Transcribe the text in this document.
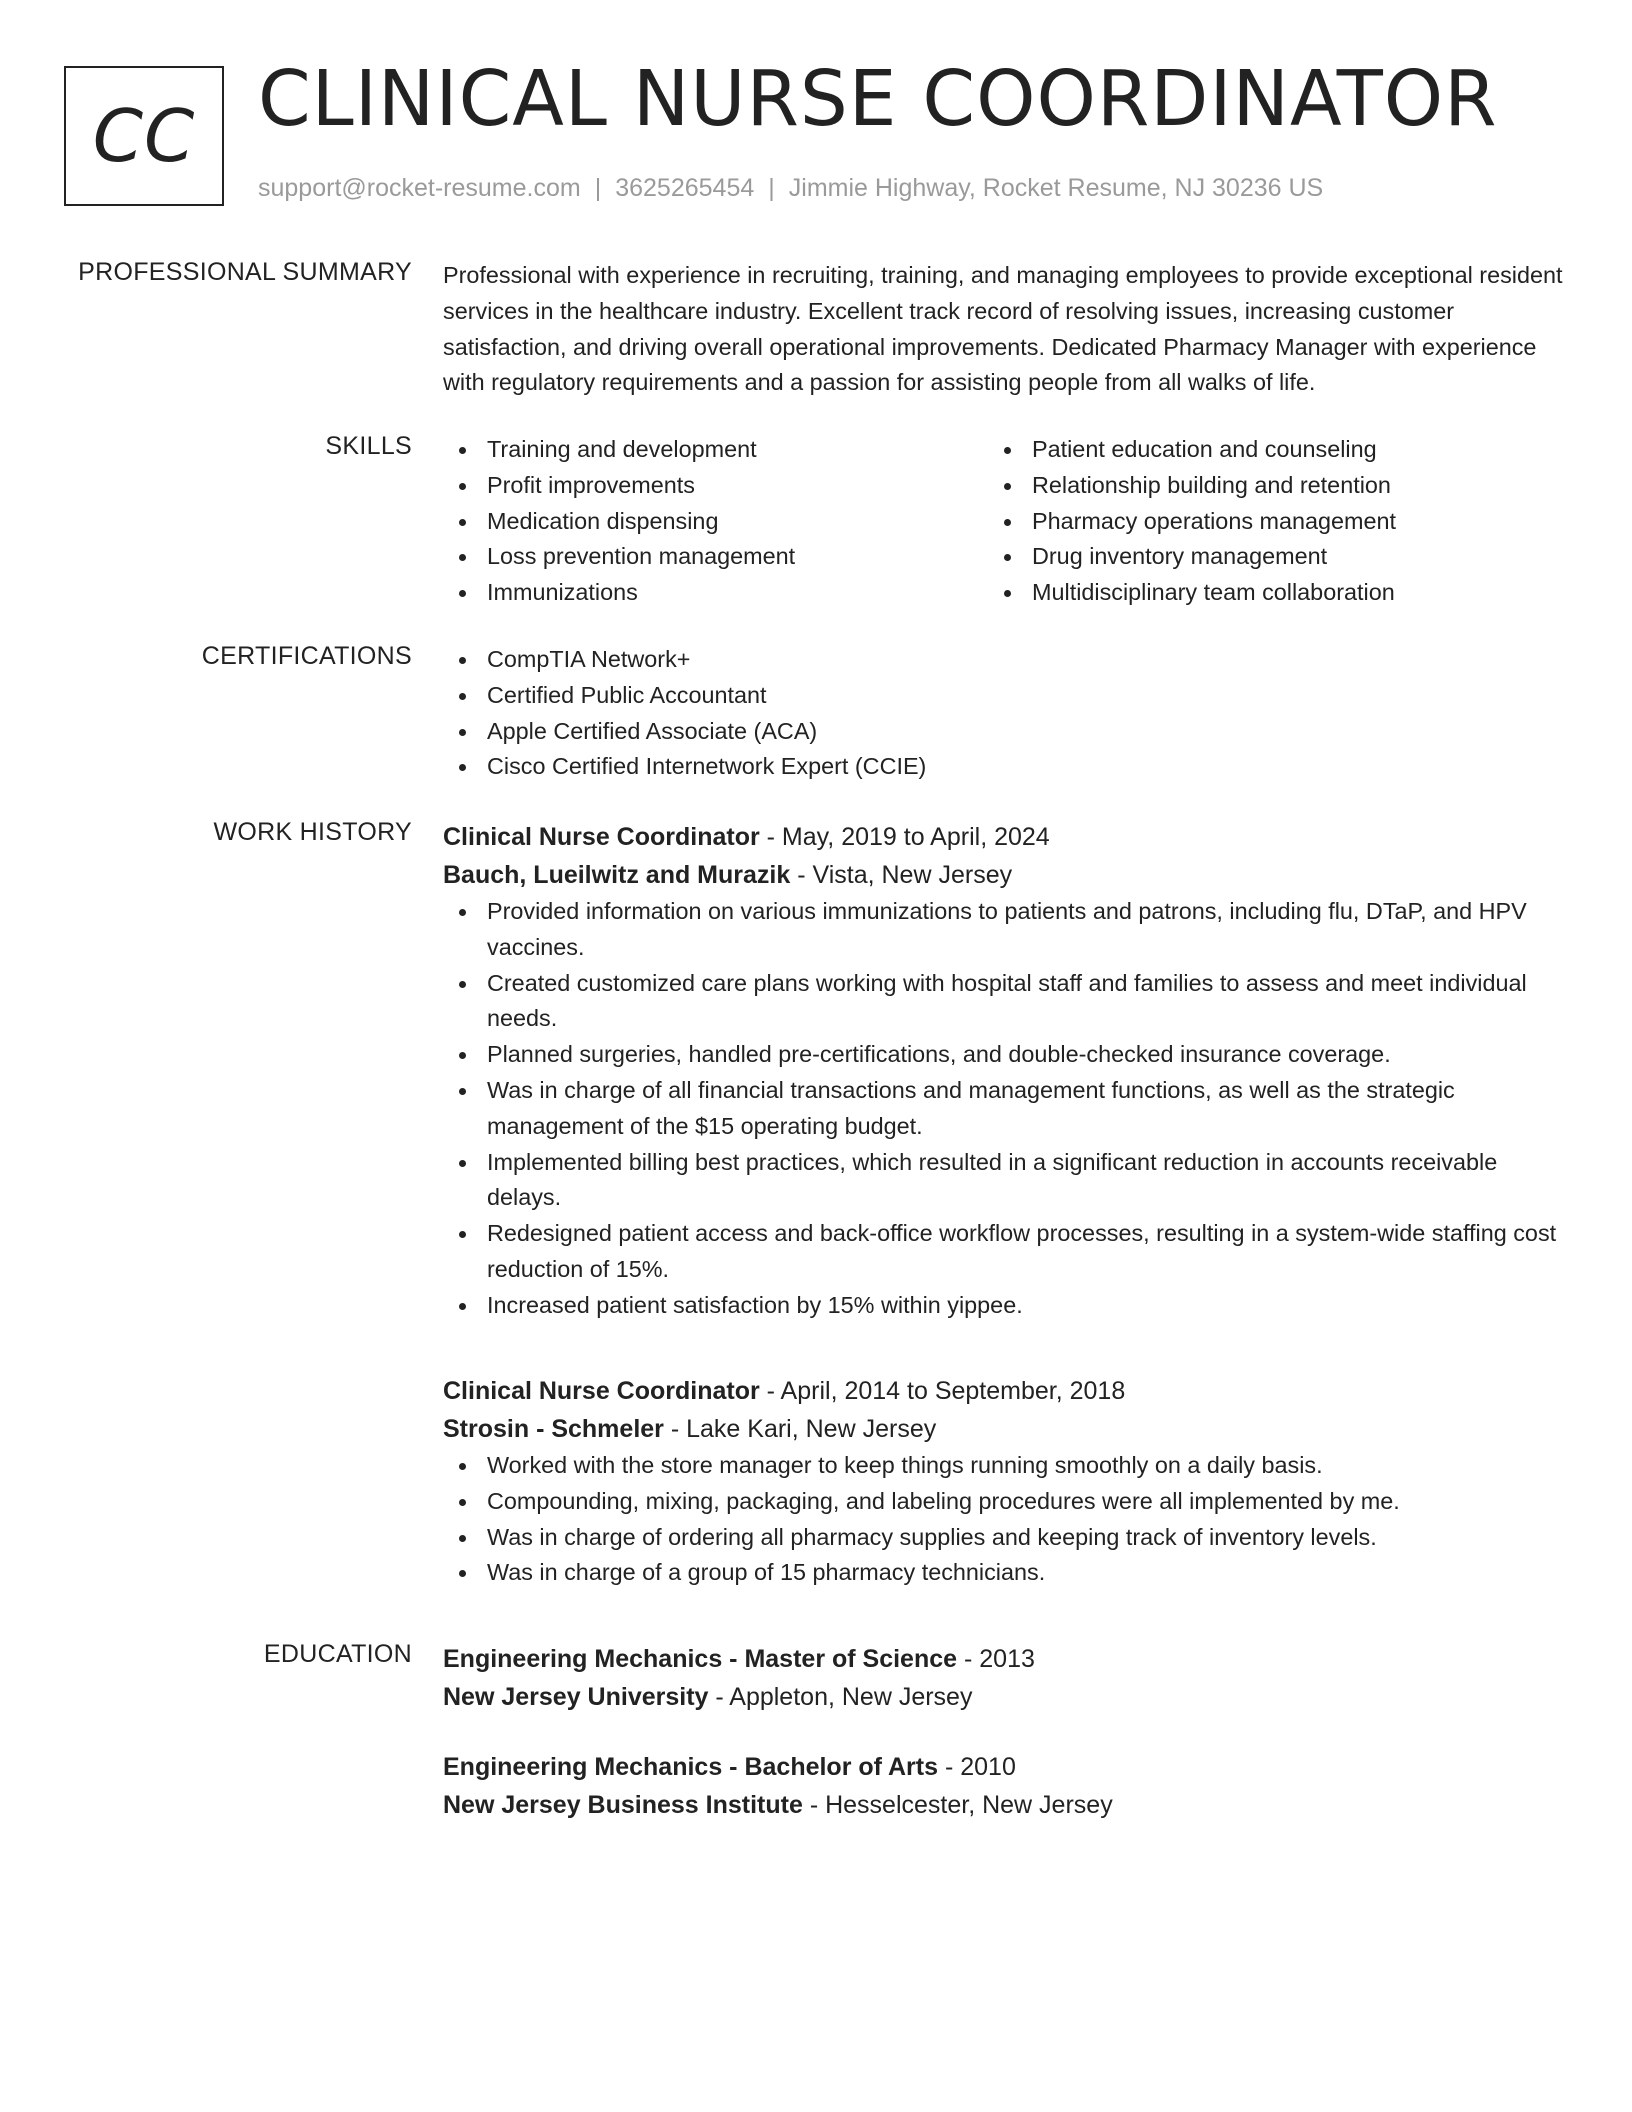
CC CLINICAL NURSE COORDINATOR
support@rocket-resume.com | 3625265454 | Jimmie Highway, Rocket Resume, NJ 30236 US
PROFESSIONAL SUMMARY Professional with experience in recruiting, training, and managing employees to provide exceptional resident services in the healthcare industry. Excellent track record of resolving issues, increasing customer satisfaction, and driving overall operational improvements. Dedicated Pharmacy Manager with experience with regulatory requirements and a passion for assisting people from all walks of life.

SKILLS	Training and development
Profit improvements
Medication dispensing
Loss prevention management
Immunizations
Patient education and counseling
Relationship building and retention
Pharmacy operations management
Drug inventory management
Multidisciplinary team collaboration
CERTIFICATIONS	CompTIA Network+
Certified Public Accountant
Apple Certified Associate (ACA)
Cisco Certified Internetwork Expert (CCIE)
WORK HISTORY Clinical Nurse Coordinator - May, 2019 to April, 2024
Bauch, Lueilwitz and Murazik - Vista, New Jersey
Provided information on various immunizations to patients and patrons, including flu, DTaP, and HPV vaccines.
Created customized care plans working with hospital staff and families to assess and meet individual needs.
Planned surgeries, handled pre-certifications, and double-checked insurance coverage.
Was in charge of all financial transactions and management functions, as well as the strategic management of the $15 operating budget.
Implemented billing best practices, which resulted in a significant reduction in accounts receivable delays.
Redesigned patient access and back-office workflow processes, resulting in a system-wide staffing cost reduction of 15%.
Increased patient satisfaction by 15% within yippee.
Clinical Nurse Coordinator - April, 2014 to September, 2018
Strosin - Schmeler - Lake Kari, New Jersey
Worked with the store manager to keep things running smoothly on a daily basis.
Compounding, mixing, packaging, and labeling procedures were all implemented by me.
Was in charge of ordering all pharmacy supplies and keeping track of inventory levels.
Was in charge of a group of 15 pharmacy technicians.
EDUCATION Engineering Mechanics - Master of Science - 2013
New Jersey University - Appleton, New Jersey
Engineering Mechanics - Bachelor of Arts - 2010
New Jersey Business Institute - Hesselcester, New Jersey
